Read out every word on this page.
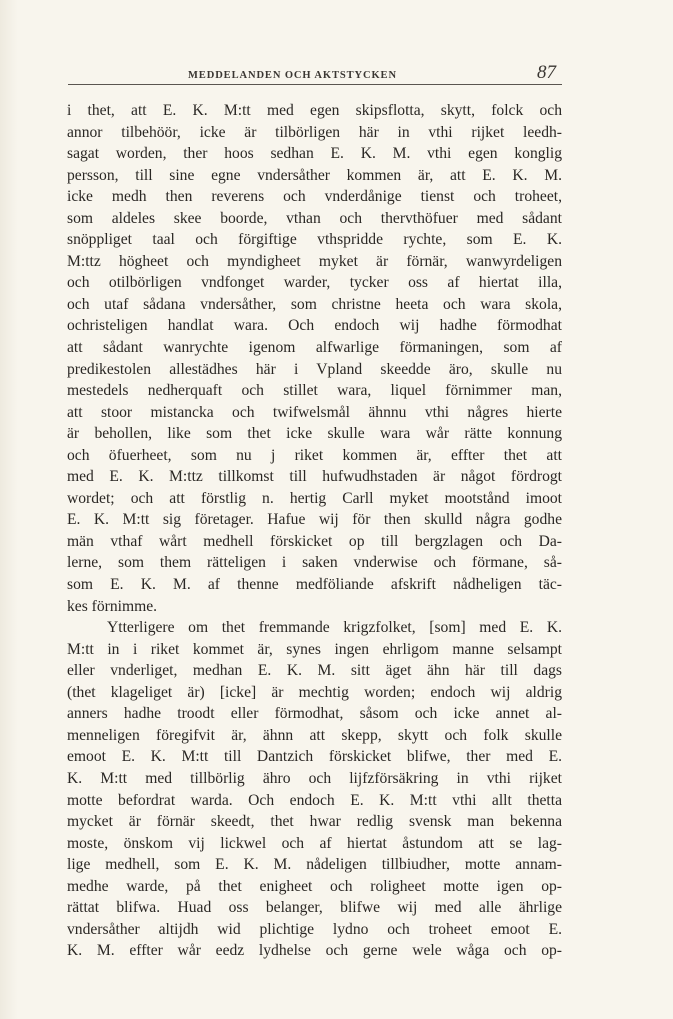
MEDDELANDEN OCH AKTSTYCKEN	87
i thet, att E. K. M:tt med egen skipsflotta, skytt, folck och
annor tilbehöör, icke är tilbörligen här in vthi rijket leedh-
sagat worden, ther hoos sedhan E. K. M. vthi egen konglig
persson, till sine egne vndersåther kommen är, att E. K. M.
icke medh then reverens och vnderdånige tienst och troheet,
som aldeles skee boorde, vthan och thervthöfuer med sådant
snöppliget taal och förgiftige vthspridde rychte, som E. K.
M:ttz högheet och myndigheet myket är förnär, wanwyrdeligen
och otilbörligen vndfonget warder, tycker oss af hiertat illa,
och utaf sådana vndersåther, som christne heeta och wara skola,
ochristeligen handlat wara. Och endoch wij hadhe förmodhat
att sådant wanrychte igenom alfwarlige förmaningen, som af
predikestolen allestädhes här i Vpland skeedde äro, skulle nu
mestedels nedherquaft och stillet wara, liquel förnimmer man,
att stoor mistancka och twifwelsmål ähnnu vthi någres hierte
är behollen, like som thet icke skulle wara wår rätte konnung
och öfuerheet, som nu j riket kommen är, effter thet att
med E. K. M:ttz tillkomst till hufwudhstaden är något fördrogt
wordet; och att förstlig n. hertig Carll myket mootstånd imoot
E. K. M:tt sig företager. Hafue wij för then skulld några godhe
män vthaf wårt medhell förskicket op till bergzlagen och Da-
lerne, som them rätteligen i saken vnderwise och förmane, så-
som E. K. M. af thenne medföliande afskrift nådheligen täc-
kes förnimme.
Ytterligere om thet fremmande krigzfolket, [som] med E. K.
M:tt in i riket kommet är, synes ingen ehrligom manne selsampt
eller vnderliget, medhan E. K. M. sitt äget ähn här till dags
(thet klageliget är) [icke] är mechtig worden; endoch wij aldrig
anners hadhe troodt eller förmodhat, såsom och icke annet al-
menneligen föregifvit är, ähnn att skepp, skytt och folk skulle
emoot E. K. M:tt till Dantzich förskicket blifwe, ther med E.
K. M:tt med tillbörlig ähro och lijfzförsäkring in vthi rijket
motte befordrat warda. Och endoch E. K. M:tt vthi allt thetta
mycket är förnär skeedt, thet hwar redlig svensk man bekenna
moste, önskom vij lickwel och af hiertat åstundom att se lag-
lige medhell, som E. K. M. nådeligen tillbiudher, motte annam-
medhe warde, på thet enigheet och roligheet motte igen op-
rättat blifwa. Huad oss belanger, blifwe wij med alle ährlige
vndersåther altijdh wid plichtige lydno och troheet emoot E.
K. M. effter wår eedz lydhelse och gerne wele wåga och op-
